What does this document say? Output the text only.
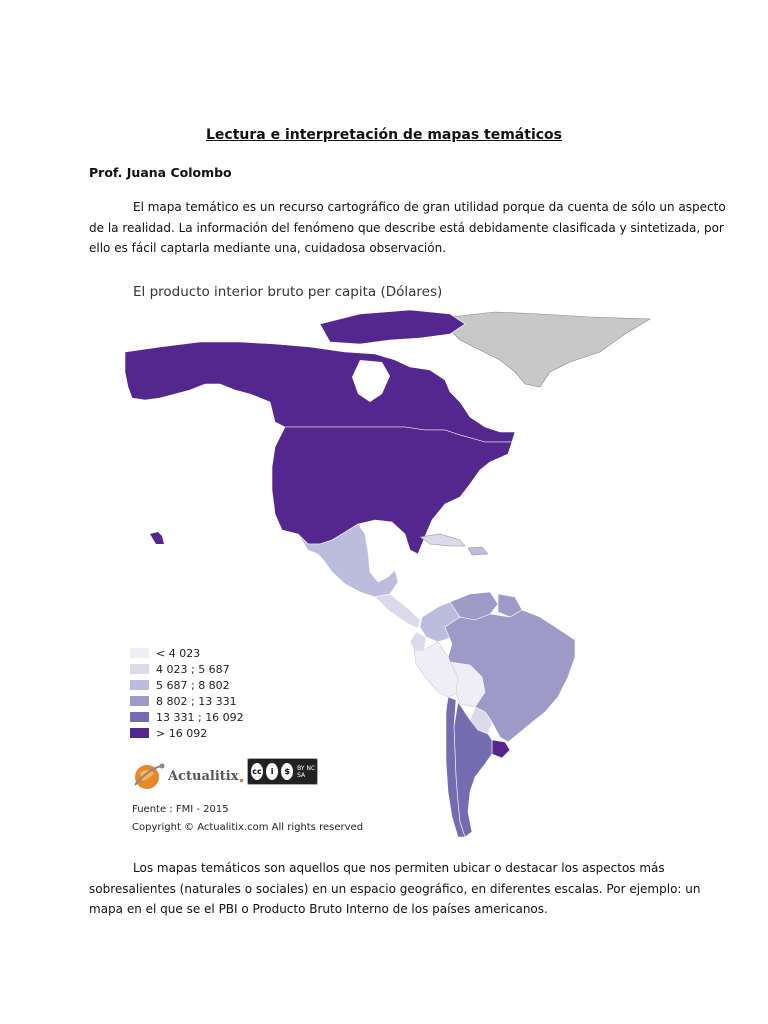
Lectura e interpretación de mapas temáticos
Prof. Juana Colombo
El mapa temático es un recurso cartográfico de gran utilidad porque da cuenta de sólo un aspecto
de la realidad. La información del fenómeno que describe está debidamente clasificada y sintetizada, por
ello es fácil captarla mediante una, cuidadosa observación.
El producto interior bruto per capita (Dólares)
< 4 023
4 023 ; 5 687
5 687 ; 8 802
8 802 ; 13 331
13 331 ; 16 092
> 16 092
Actualitix . cc	i	$	BY NC SA
Fuente : FMI - 2015
Copyright © Actualitix.com All rights reserved
Los mapas temáticos son aquellos que nos permiten ubicar o destacar los aspectos más
sobresalientes (naturales o sociales) en un espacio geográfico, en diferentes escalas. Por ejemplo: un
mapa en el que se el PBI o Producto Bruto Interno de los países americanos.
